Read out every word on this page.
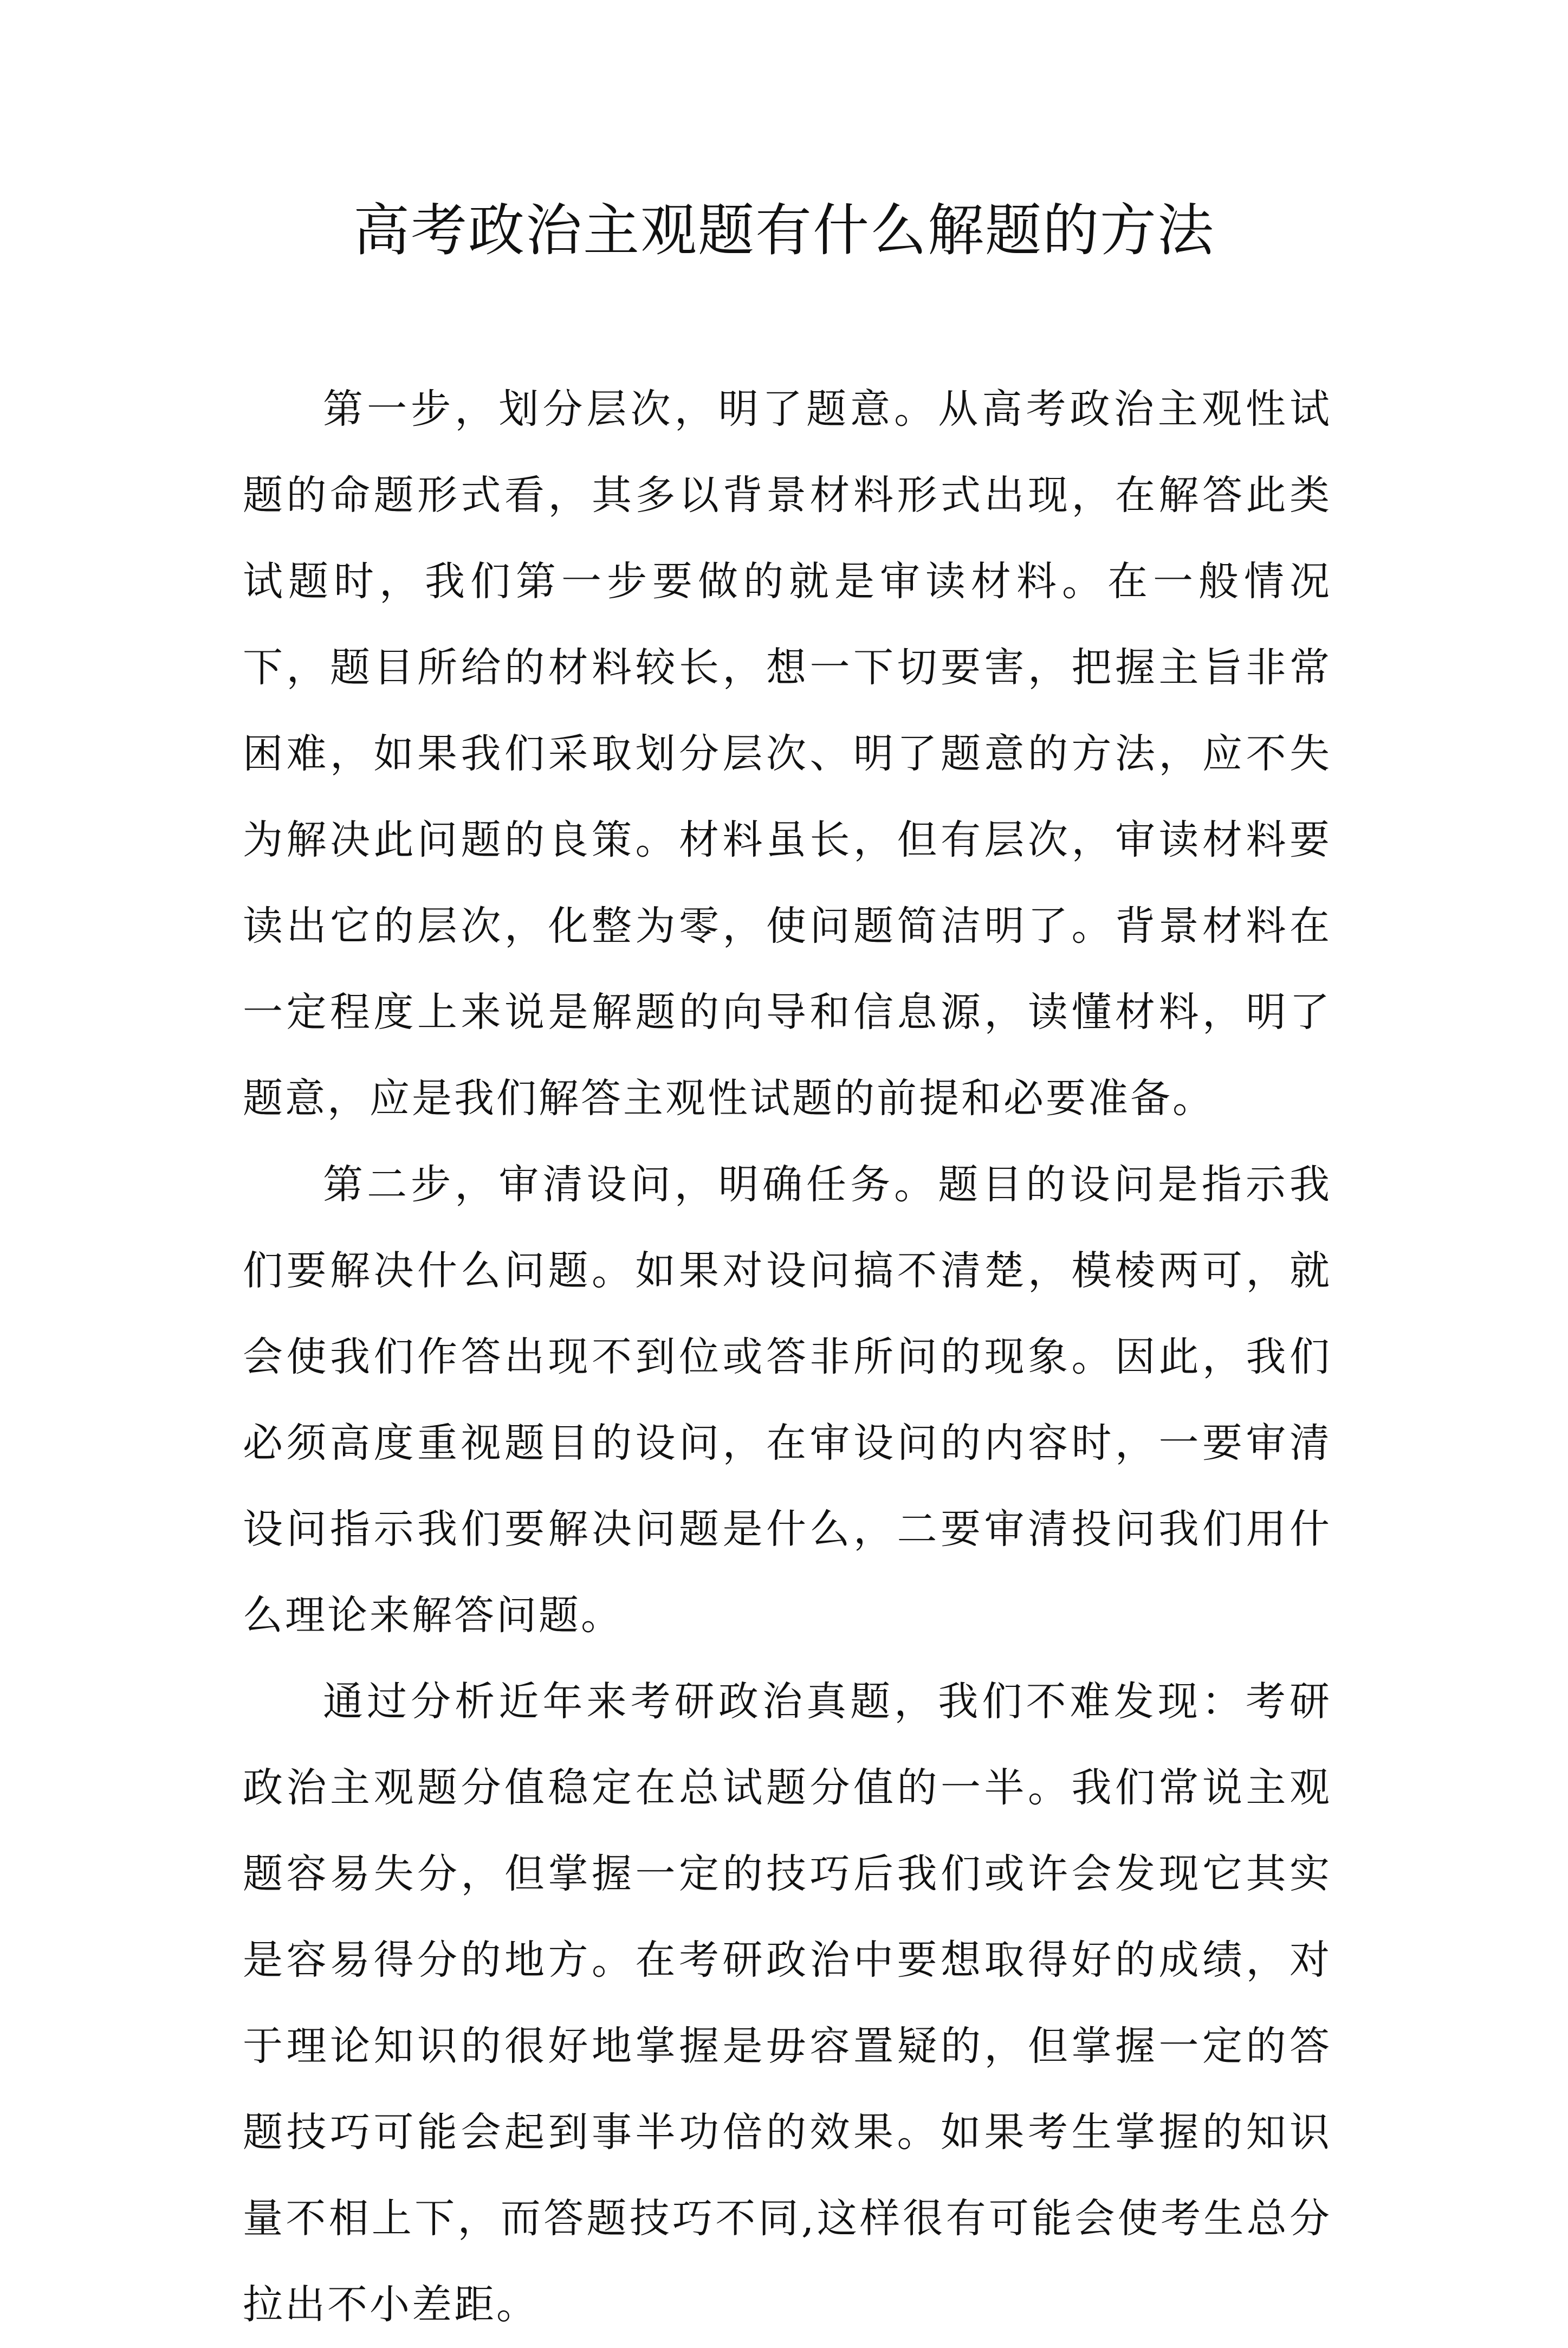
高考政治主观题有什么解题的方法

第一步，划分层次，明了题意。从高考政治主观性试题的命题形式看，其多以背景材料形式出现，在解答此类试题时，我们第一步要做的就是审读材料。在一般情况下，题目所给的材料较长，想一下切要害，把握主旨非常困难，如果我们采取划分层次、明了题意的方法，应不失为解决此问题的良策。材料虽长，但有层次，审读材料要读出它的层次，化整为零，使问题简洁明了。背景材料在一定程度上来说是解题的向导和信息源，读懂材料，明了题意，应是我们解答主观性试题的前提和必要准备。

第二步，审清设问，明确任务。题目的设问是指示我们要解决什么问题。如果对设问搞不清楚，模棱两可，就会使我们作答出现不到位或答非所问的现象。因此，我们必须高度重视题目的设问，在审设问的内容时，一要审清设问指示我们要解决问题是什么，二要审清投问我们用什么理论来解答问题。

通过分析近年来考研政治真题，我们不难发现：考研政治主观题分值稳定在总试题分值的一半。我们常说主观题容易失分，但掌握一定的技巧后我们或许会发现它其实是容易得分的地方。在考研政治中要想取得好的成绩，对于理论知识的很好地掌握是毋容置疑的，但掌握一定的答题技巧可能会起到事半功倍的效果。如果考生掌握的知识量不相上下，而答题技巧不同,这样很有可能会使考生总分拉出不小差距。
